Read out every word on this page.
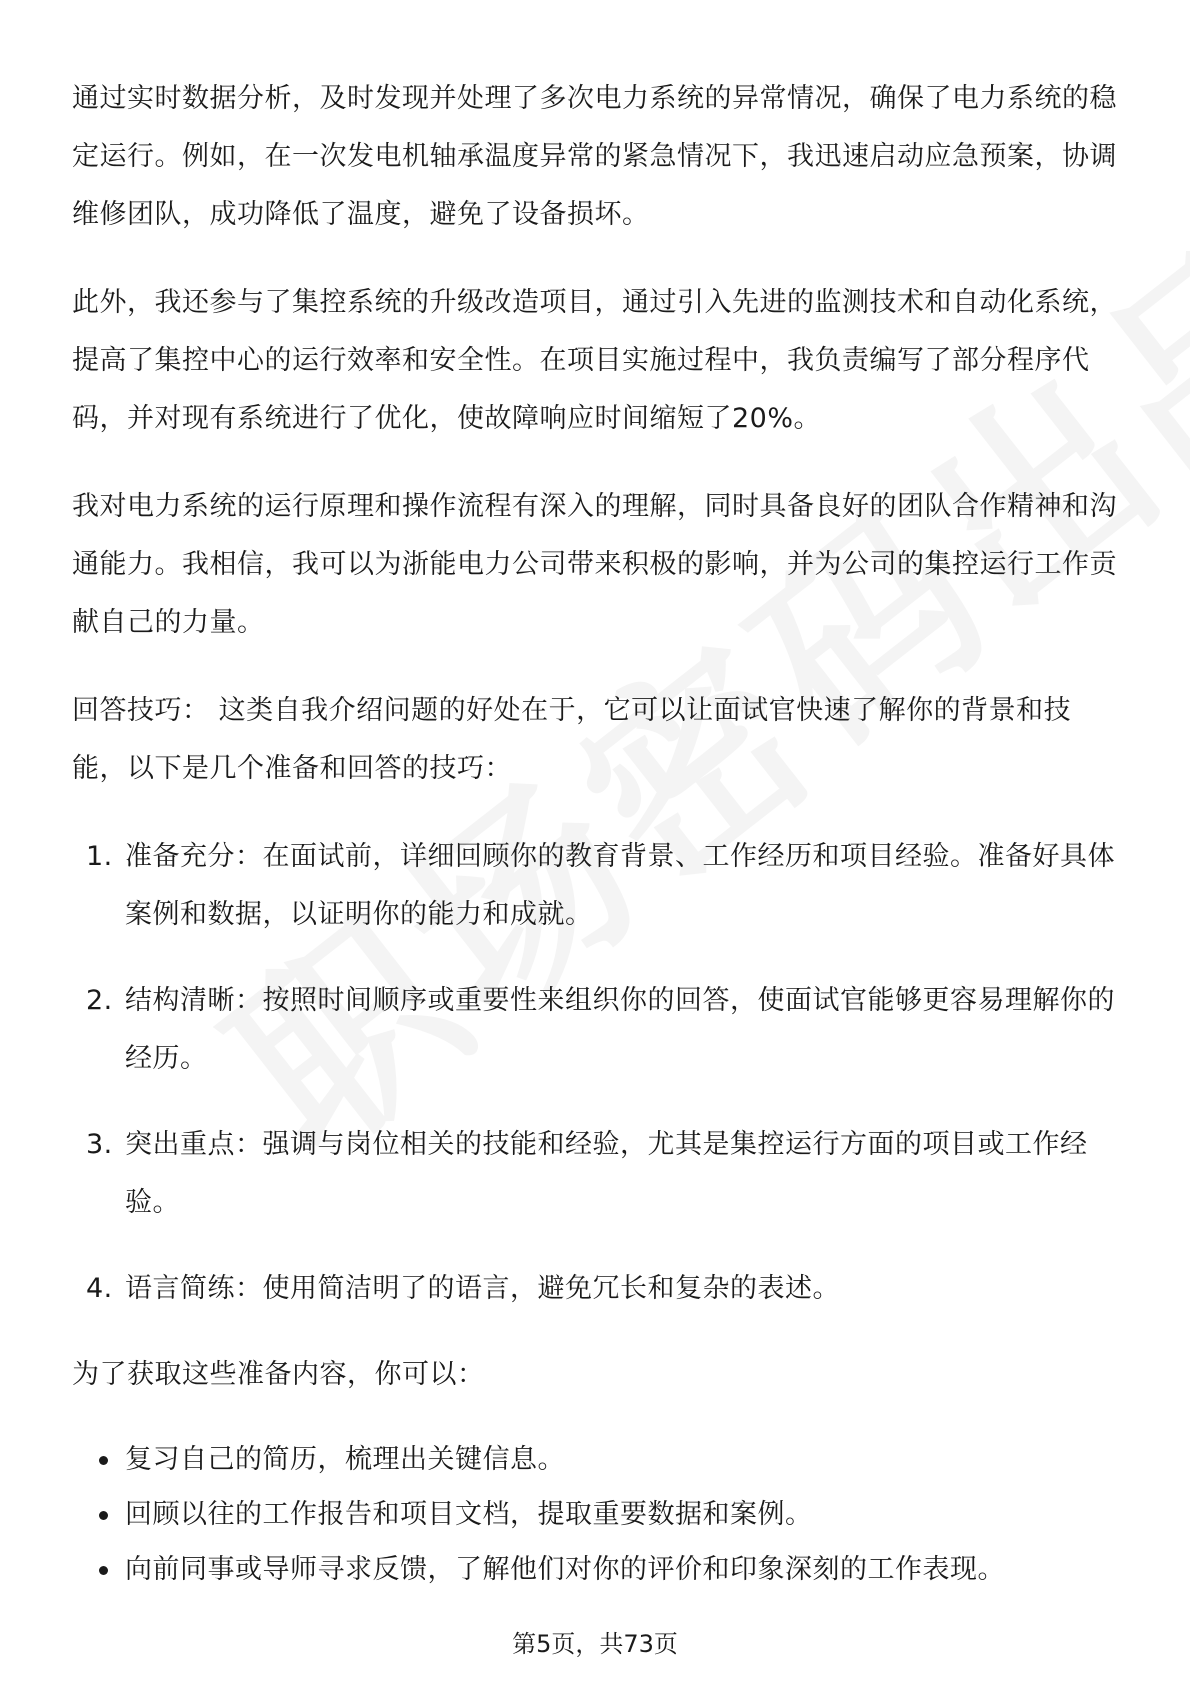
通过实时数据分析，及时发现并处理了多次电力系统的异常情况，确保了电力系统的稳定运行。例如，在一次发电机轴承温度异常的紧急情况下，我迅速启动应急预案，协调维修团队，成功降低了温度，避免了设备损坏。

此外，我还参与了集控系统的升级改造项目，通过引入先进的监测技术和自动化系统，提高了集控中心的运行效率和安全性。在项目实施过程中，我负责编写了部分程序代码，并对现有系统进行了优化，使故障响应时间缩短了20%。

我对电力系统的运行原理和操作流程有深入的理解，同时具备良好的团队合作精神和沟通能力。我相信，我可以为浙能电力公司带来积极的影响，并为公司的集控运行工作贡献自己的力量。

回答技巧： 这类自我介绍问题的好处在于，它可以让面试官快速了解你的背景和技能，以下是几个准备和回答的技巧：

1. 准备充分：在面试前，详细回顾你的教育背景、工作经历和项目经验。准备好具体案例和数据，以证明你的能力和成就。
2. 结构清晰：按照时间顺序或重要性来组织你的回答，使面试官能够更容易理解你的经历。
3. 突出重点：强调与岗位相关的技能和经验，尤其是集控运行方面的项目或工作经验。
4. 语言简练：使用简洁明了的语言，避免冗长和复杂的表述。

为了获取这些准备内容，你可以：

复习自己的简历，梳理出关键信息。
回顾以往的工作报告和项目文档，提取重要数据和案例。
向前同事或导师寻求反馈，了解他们对你的评价和印象深刻的工作表现。
第5页，共73页
